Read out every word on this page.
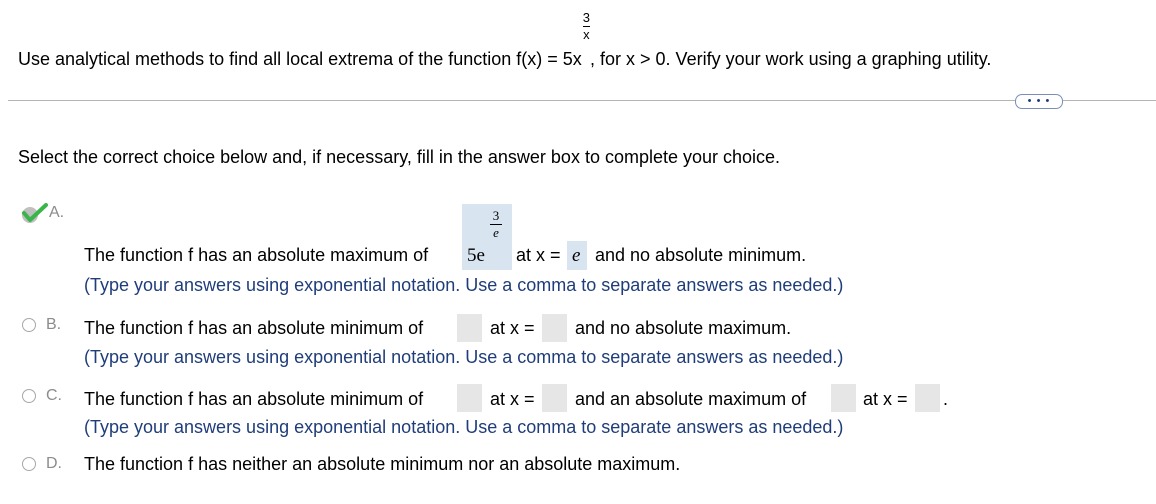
Use analytical methods to find all local extrema of the function f(x) = 5x
$\frac{3}{x}$
, for x > 0. Verify your work using a graphing utility.
• • •
Select the correct choice below and, if necessary, fill in the answer box to complete your choice.
A.
The function f has an absolute maximum of 5e
3
e
at x = e and no absolute minimum.
(Type your answers using exponential notation. Use a comma to separate answers as needed.)
B. The function f has an absolute minimum of	at x = and no absolute maximum.
(Type your answers using exponential notation. Use a comma to separate answers as needed.)
C. The function f has an absolute minimum of	at x = and an absolute maximum of	at x = .
(Type your answers using exponential notation. Use a comma to separate answers as needed.)
D. The function f has neither an absolute minimum nor an absolute maximum.
